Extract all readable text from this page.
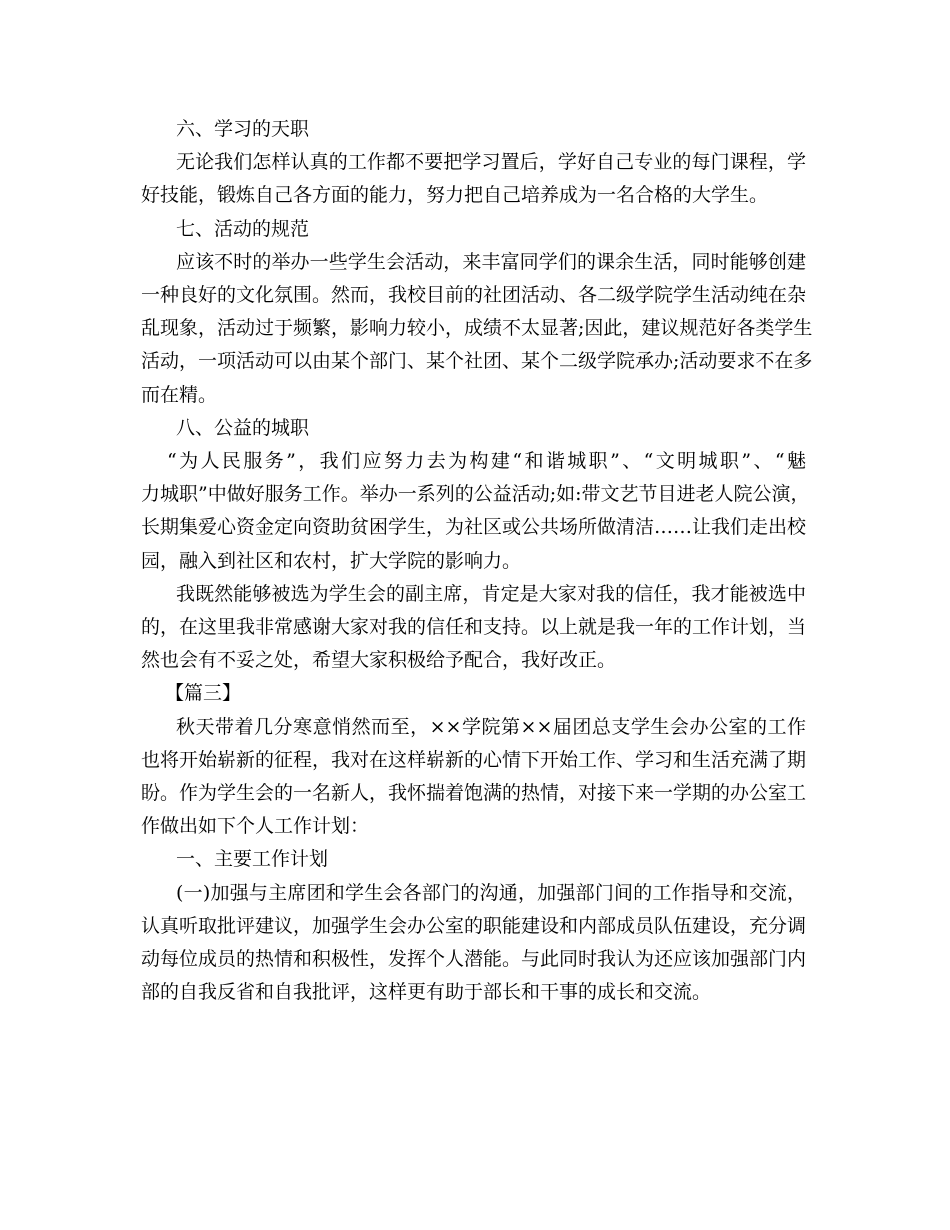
六、学习的天职
无论我们怎样认真的工作都不要把学习置后，学好自己专业的每门课程，学
好技能，锻炼自己各方面的能力，努力把自己培养成为一名合格的大学生。
七、活动的规范
应该不时的举办一些学生会活动，来丰富同学们的课余生活，同时能够创建
一种良好的文化氛围。然而，我校目前的社团活动、各二级学院学生活动纯在杂
乱现象，活动过于频繁，影响力较小，成绩不太显著;因此，建议规范好各类学生
活动，一项活动可以由某个部门、某个社团、某个二级学院承办;活动要求不在多
而在精。
八、公益的城职
“为人民服务”，我们应努力去为构建“和谐城职”、“文明城职”、“魅
力城职”中做好服务工作。举办一系列的公益活动;如:带文艺节目进老人院公演，
长期集爱心资金定向资助贫困学生，为社区或公共场所做清洁……让我们走出校
园，融入到社区和农村，扩大学院的影响力。
我既然能够被选为学生会的副主席，肯定是大家对我的信任，我才能被选中
的，在这里我非常感谢大家对我的信任和支持。以上就是我一年的工作计划，当
然也会有不妥之处，希望大家积极给予配合，我好改正。
【篇三】
秋天带着几分寒意悄然而至，××学院第××届团总支学生会办公室的工作
也将开始崭新的征程，我对在这样崭新的心情下开始工作、学习和生活充满了期
盼。作为学生会的一名新人，我怀揣着饱满的热情，对接下来一学期的办公室工
作做出如下个人工作计划：
一、主要工作计划
(一)加强与主席团和学生会各部门的沟通，加强部门间的工作指导和交流，
认真听取批评建议，加强学生会办公室的职能建设和内部成员队伍建设，充分调
动每位成员的热情和积极性，发挥个人潜能。与此同时我认为还应该加强部门内
部的自我反省和自我批评，这样更有助于部长和干事的成长和交流。
